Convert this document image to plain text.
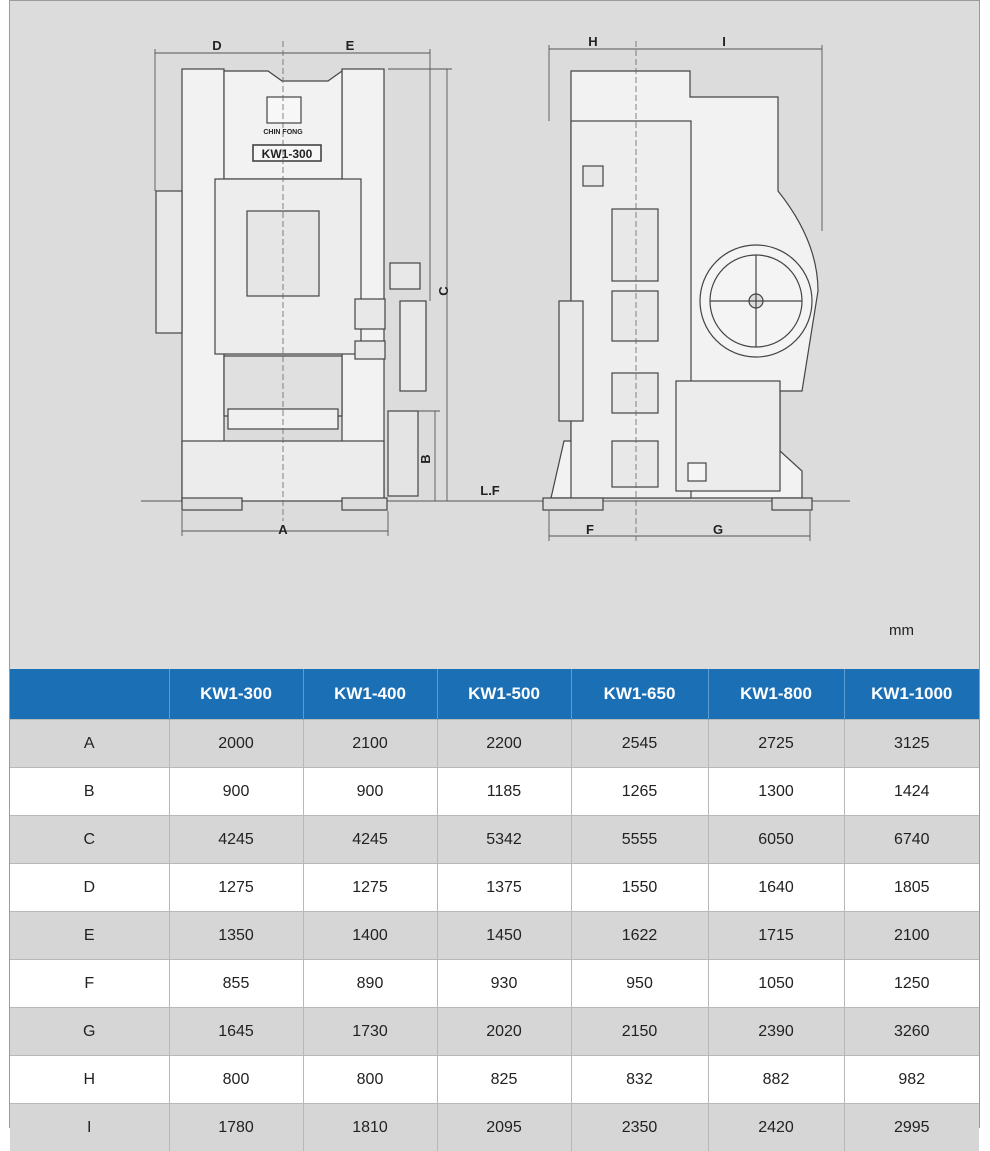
CHIN FONG
KW1-300
D	E
A
C
B
L.F
H	I
F	G
mm
	KW1-300	KW1-400	KW1-500	KW1-650	KW1-800	KW1-1000
A	2000	2100	2200	2545	2725	3125
B	900	900	1185	1265	1300	1424
C	4245	4245	5342	5555	6050	6740
D	1275	1275	1375	1550	1640	1805
E	1350	1400	1450	1622	1715	2100
F	855	890	930	950	1050	1250
G	1645	1730	2020	2150	2390	3260
H	800	800	825	832	882	982
I	1780	1810	2095	2350	2420	2995
